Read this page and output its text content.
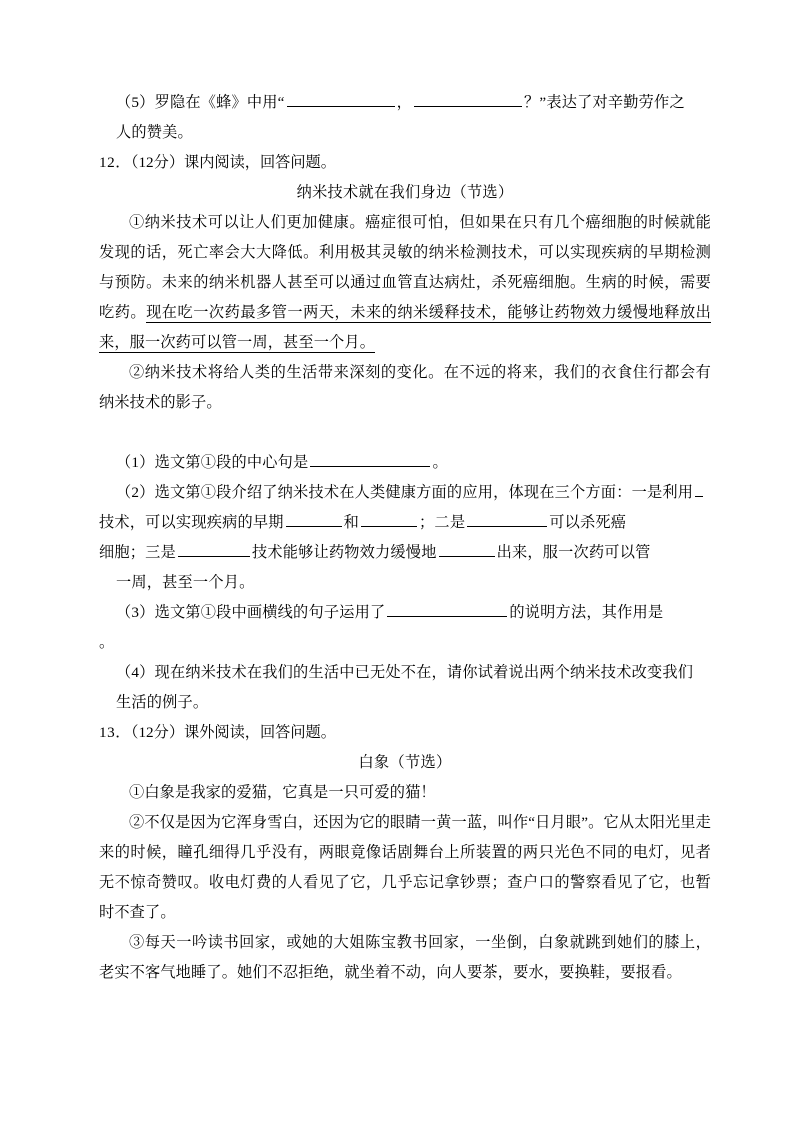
（5）罗隐在《蜂》中用“	，	？”表达了对辛勤劳作之
人的赞美。
12．（12分）课内阅读，回答问题。
纳米技术就在我们身边（节选）
①纳米技术可以让人们更加健康。癌症很可怕，但如果在只有几个癌细胞的时候就能发现的话，死亡率会大大降低。利用极其灵敏的纳米检测技术，可以实现疾病的早期检测与预防。未来的纳米机器人甚至可以通过血管直达病灶，杀死癌细胞。生病的时候，需要吃药。现在吃一次药最多管一两天，未来的纳米缓释技术，能够让药物效力缓慢地释放出来，服一次药可以管一周，甚至一个月。
②纳米技术将给人类的生活带来深刻的变化。在不远的将来，我们的衣食住行都会有纳米技术的影子。
（1）选文第①段的中心句是	。
（2）选文第①段介绍了纳米技术在人类健康方面的应用，体现在三个方面：一是利用
技术，可以实现疾病的早期	和	；二是	可以杀死癌
细胞；三是	技术能够让药物效力缓慢地	出来，服一次药可以管
一周，甚至一个月。
（3）选文第①段中画横线的句子运用了	的说明方法，其作用是
。
（4）现在纳米技术在我们的生活中已无处不在，请你试着说出两个纳米技术改变我们
生活的例子。
13．（12分）课外阅读，回答问题。
白象（节选）
①白象是我家的爱猫，它真是一只可爱的猫！
②不仅是因为它浑身雪白，还因为它的眼睛一黄一蓝，叫作“日月眼”。它从太阳光里走来的时候，瞳孔细得几乎没有，两眼竟像话剧舞台上所装置的两只光色不同的电灯，见者无不惊奇赞叹。收电灯费的人看见了它，几乎忘记拿钞票；查户口的警察看见了它，也暂时不查了。
③每天一吟读书回家，或她的大姐陈宝教书回家，一坐倒，白象就跳到她们的膝上，老实不客气地睡了。她们不忍拒绝，就坐着不动，向人要茶，要水，要换鞋，要报看。
